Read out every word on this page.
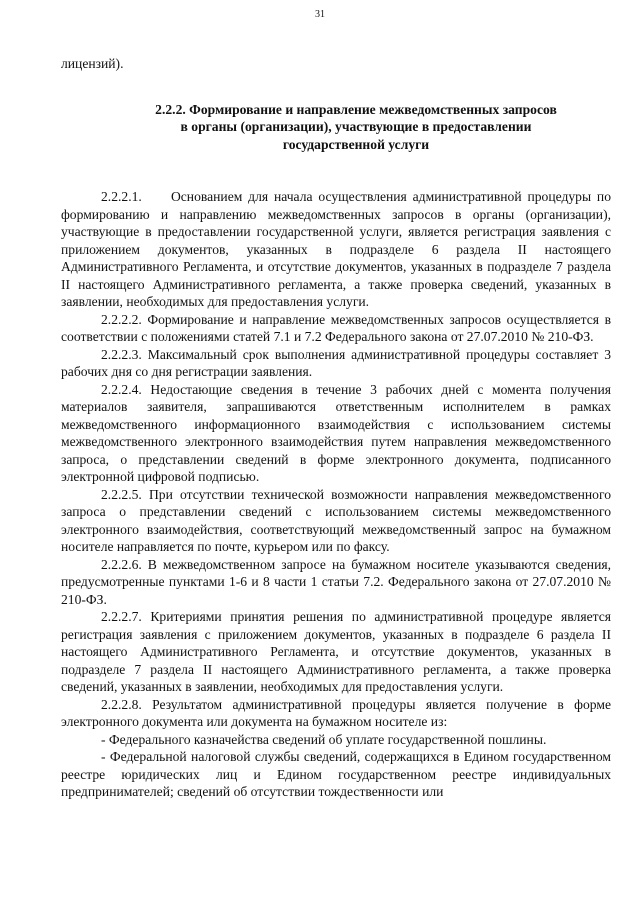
31

лицензий).

2.2.2. Формирование и направление межведомственных запросов
в органы (организации), участвующие в предоставлении
государственной услуги

2.2.2.1.     Основанием для начала осуществления административной процедуры по формированию и направлению межведомственных запросов в органы (организации), участвующие в предоставлении государственной услуги, является регистрация заявления с приложением документов, указанных в подразделе 6 раздела II настоящего Административного Регламента, и отсутствие документов, указанных в подразделе 7 раздела II настоящего Административного регламента, а также проверка сведений, указанных в заявлении, необходимых для предоставления услуги.

2.2.2.2. Формирование и направление межведомственных запросов осуществляется в соответствии с положениями статей 7.1 и 7.2 Федерального закона от 27.07.2010 № 210-ФЗ.

2.2.2.3. Максимальный срок выполнения административной процедуры составляет 3 рабочих дня со дня регистрации заявления.

2.2.2.4. Недостающие сведения в течение 3 рабочих дней с момента получения материалов заявителя, запрашиваются ответственным исполнителем в рамках межведомственного информационного взаимодействия с использованием системы межведомственного электронного взаимодействия путем направления межведомственного запроса, о представлении сведений в форме электронного документа, подписанного электронной цифровой подписью.

2.2.2.5. При отсутствии технической возможности направления межведомственного запроса о представлении сведений с использованием системы межведомственного электронного взаимодействия, соответствующий межведомственный запрос на бумажном носителе направляется по почте, курьером или по факсу.

2.2.2.6. В межведомственном запросе на бумажном носителе указываются сведения, предусмотренные пунктами 1-6 и 8 части 1 статьи 7.2. Федерального закона от 27.07.2010 № 210-ФЗ.

2.2.2.7. Критериями принятия решения по административной процедуре является регистрация заявления с приложением документов, указанных в подразделе 6 раздела II настоящего Административного Регламента, и отсутствие документов, указанных в подразделе 7 раздела II настоящего Административного регламента, а также проверка сведений, указанных в заявлении, необходимых для предоставления услуги.

2.2.2.8. Результатом административной процедуры является получение в форме электронного документа или документа на бумажном носителе из:

- Федерального казначейства сведений об уплате государственной пошлины.

- Федеральной налоговой службы сведений, содержащихся в Едином государственном реестре юридических лиц и Едином государственном реестре индивидуальных предпринимателей; сведений об отсутствии тождественности или
